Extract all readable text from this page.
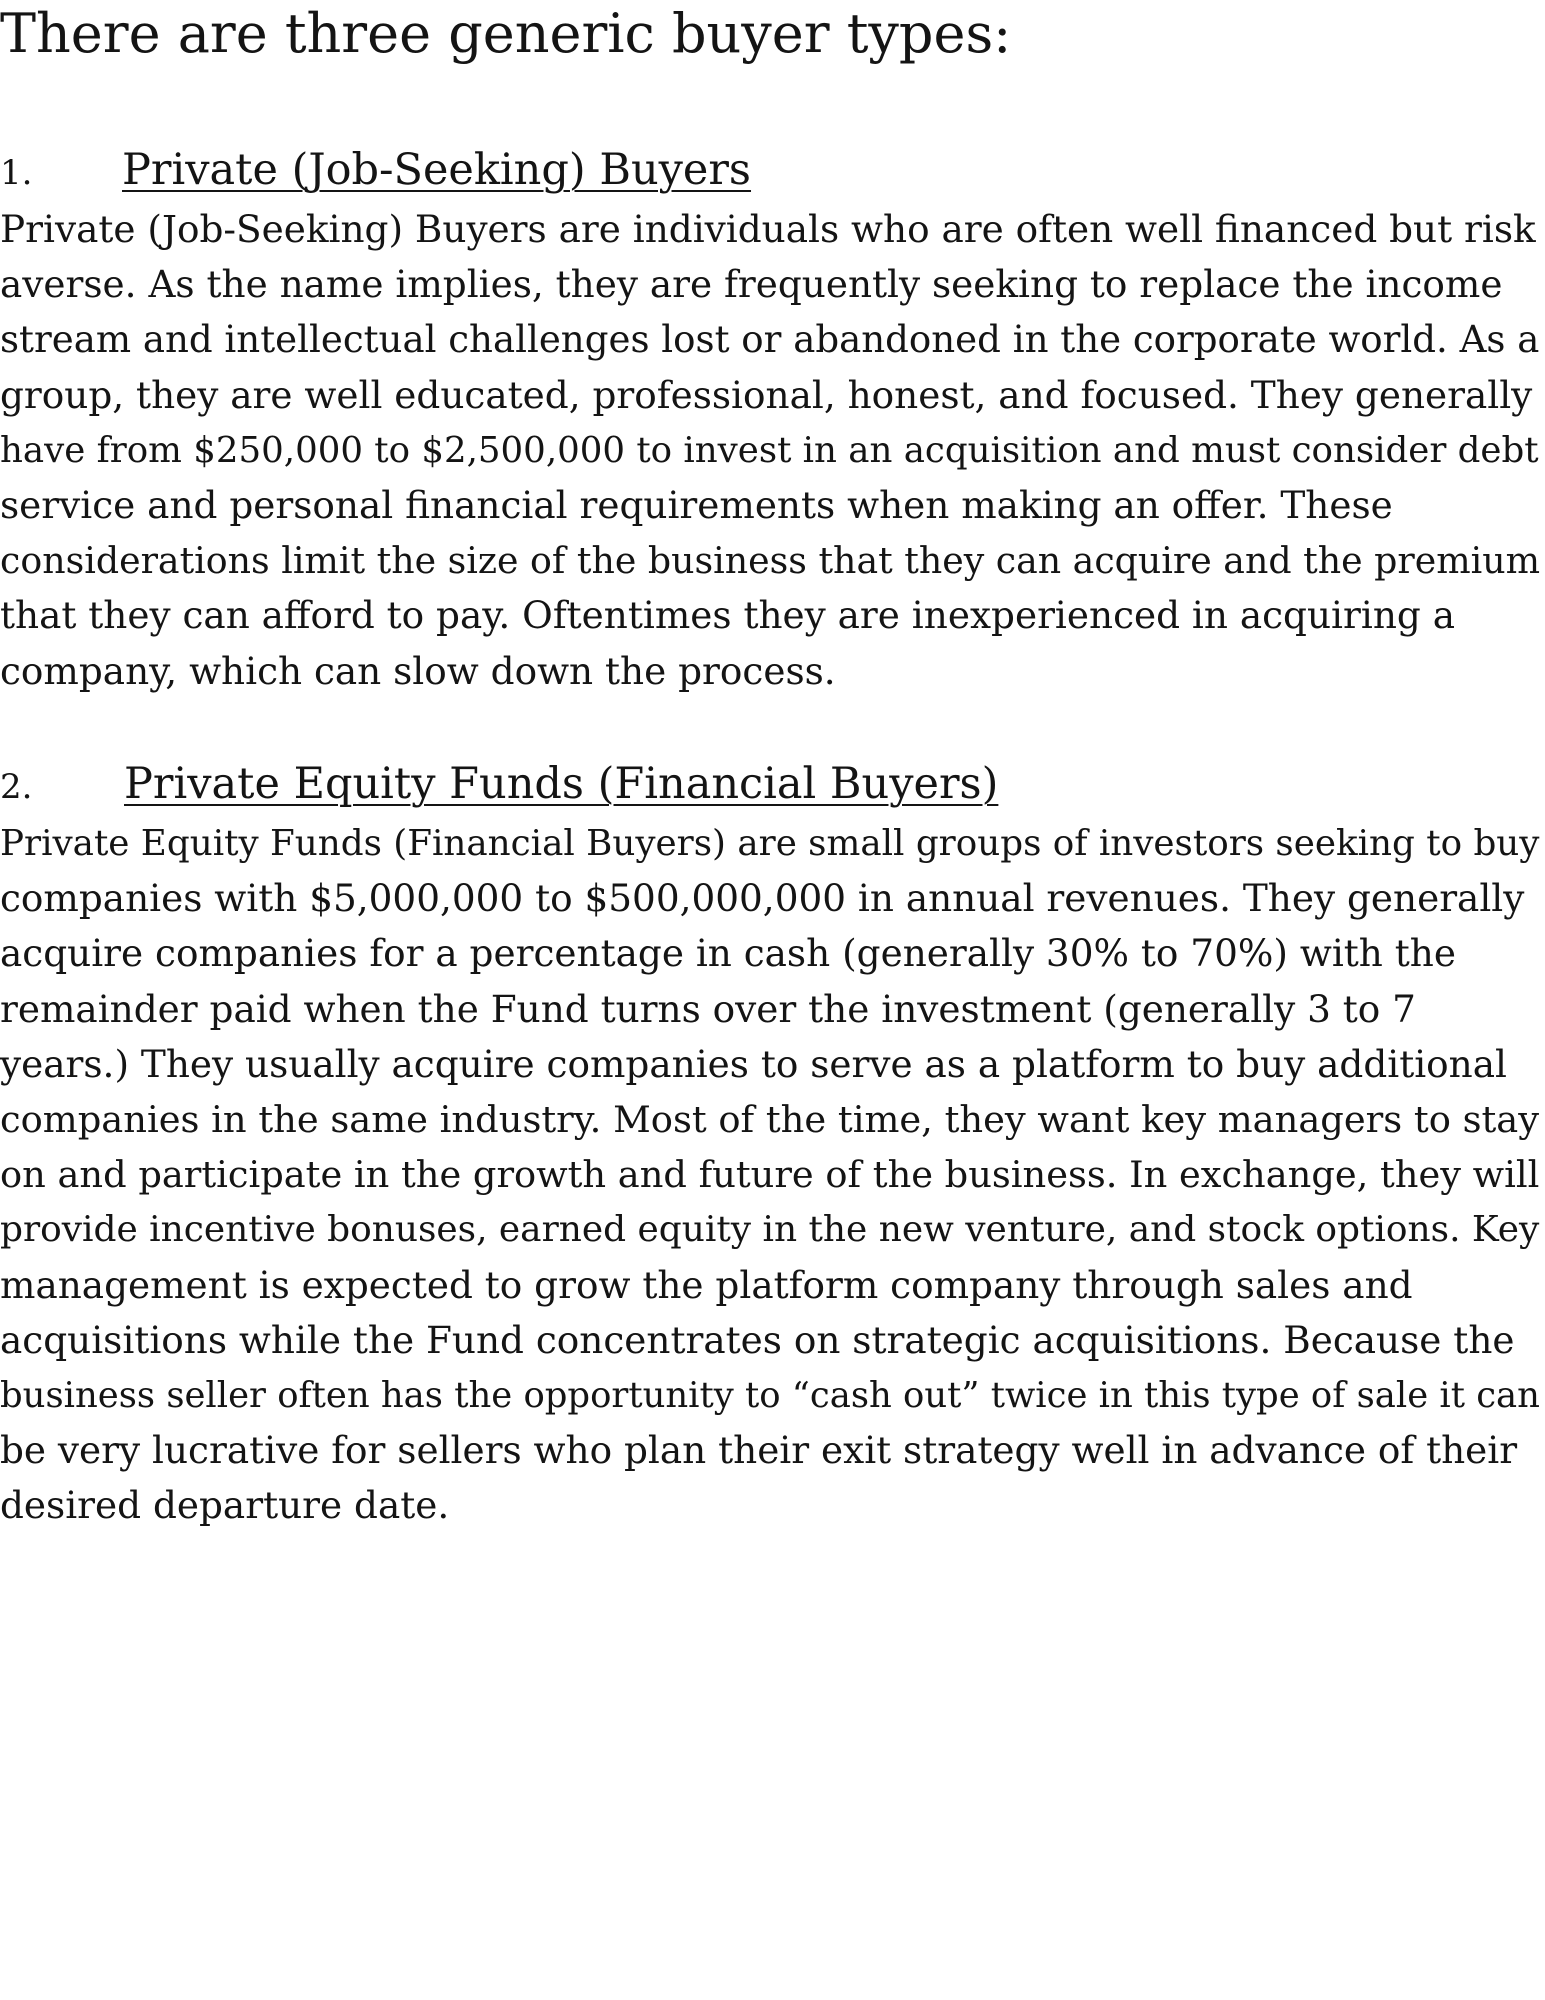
There are three generic buyer types:
1.	Private (Job-Seeking) Buyers

Private (Job-Seeking) Buyers are individuals who are often well financed but risk
averse. As the name implies, they are frequently seeking to replace the income
stream and intellectual challenges lost or abandoned in the corporate world. As a
group, they are well educated, professional, honest, and focused. They generally
have from $250,000 to $2,500,000 to invest in an acquisition and must consider debt
service and personal financial requirements when making an offer. These
considerations limit the size of the business that they can acquire and the premium
that they can afford to pay. Oftentimes they are inexperienced in acquiring a
company, which can slow down the process.

2.	Private Equity Funds (Financial Buyers)

Private Equity Funds (Financial Buyers) are small groups of investors seeking to buy
companies with $5,000,000 to $500,000,000 in annual revenues. They generally
acquire companies for a percentage in cash (generally 30% to 70%) with the
remainder paid when the Fund turns over the investment (generally 3 to 7
years.) They usually acquire companies to serve as a platform to buy additional
companies in the same industry. Most of the time, they want key managers to stay
on and participate in the growth and future of the business. In exchange, they will
provide incentive bonuses, earned equity in the new venture, and stock options. Key
management is expected to grow the platform company through sales and
acquisitions while the Fund concentrates on strategic acquisitions. Because the
business seller often has the opportunity to “cash out” twice in this type of sale it can
be very lucrative for sellers who plan their exit strategy well in advance of their
desired departure date.
